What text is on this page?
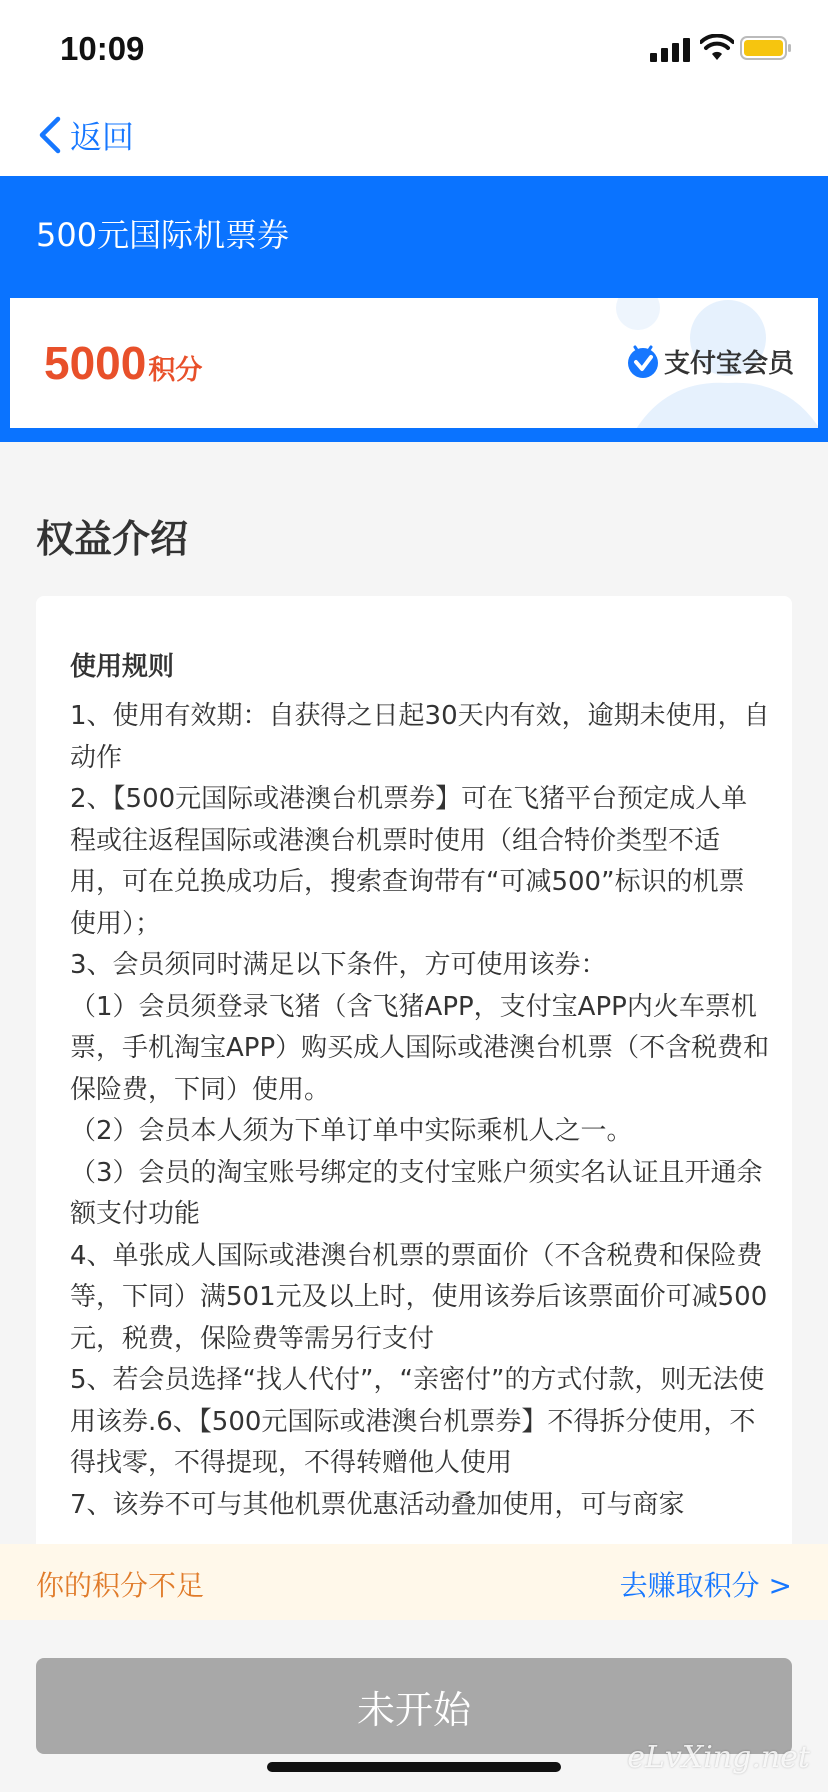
10:09
返回
500元国际机票券
5000积分	支付宝会员
权益介绍
使用规则
1、使用有效期：自获得之日起30天内有效，逾期未使用，自动作
2、【500元国际或港澳台机票券】可在飞猪平台预定成人单程或往返程国际或港澳台机票时使用（组合特价类型不适用，可在兑换成功后，搜索查询带有“可减500”标识的机票使用）；
3、会员须同时满足以下条件，方可使用该券：
（1）会员须登录飞猪（含飞猪APP，支付宝APP内火车票机票，手机淘宝APP）购买成人国际或港澳台机票（不含税费和保险费，下同）使用。
（2）会员本人须为下单订单中实际乘机人之一。
（3）会员的淘宝账号绑定的支付宝账户须实名认证且开通余额支付功能
4、单张成人国际或港澳台机票的票面价（不含税费和保险费等，下同）满501元及以上时，使用该券后该票面价可减500元，税费，保险费等需另行支付
5、若会员选择“找人代付”，“亲密付”的方式付款，则无法使用该券.6、【500元国际或港澳台机票券】不得拆分使用，不得找零，不得提现，不得转赠他人使用
7、该券不可与其他机票优惠活动叠加使用，可与商家
你的积分不足	去赚取积分 >
未开始
eLvXing.net
